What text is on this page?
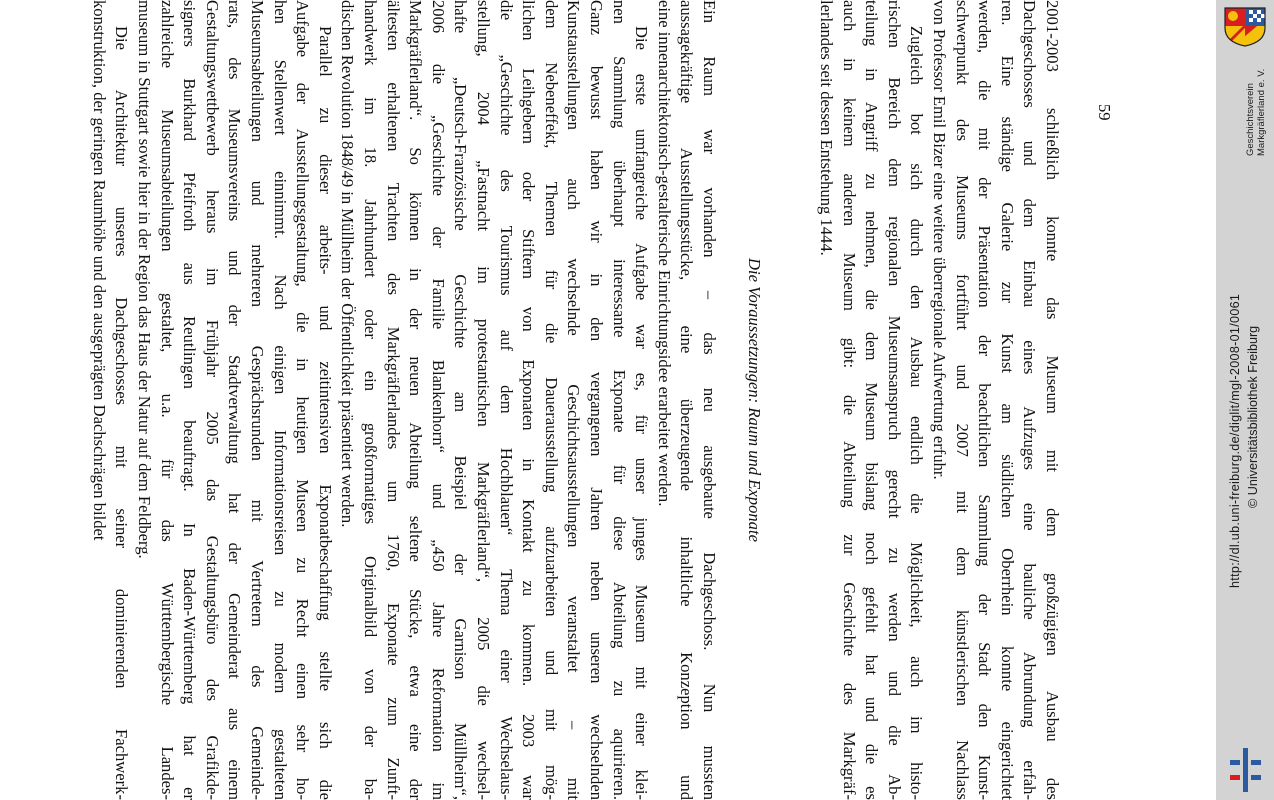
2001-2003 schließlich konnte das Museum mit dem großzügigen Ausbau des
Dachgeschosses und dem Einbau eines Aufzuges eine bauliche Abrundung erfah-
ren. Eine ständige Galerie zur Kunst am südlichen Oberrhein konnte eingerichtet
werden, die mit der Präsentation der beachtlichen Sammlung der Stadt den Kunst-
schwerpunkt des Museums fortführt und 2007 mit dem künstlerischen Nachlass
von Professor Emil Bizer eine weitere überregionale Aufwertung erfuhr.
Zugleich bot sich durch den Ausbau endlich die Möglichkeit, auch im histo-
rischen Bereich dem regionalen Museumsanspruch gerecht zu werden und die Ab-
teilung in Angriff zu nehmen, die dem Museum bislang noch gefehlt hat und die es
auch in keinem anderen Museum gibt: die Abteilung zur Geschichte des Markgräf-
lerlandes seit dessen Entstehung 1444.
Die Voraussetzungen: Raum und Exponate
Ein Raum war vorhanden – das neu ausgebaute Dachgeschoss. Nun mussten
aussagekräftige Ausstellungsstücke, eine überzeugende inhaltliche Konzeption und
eine innenarchitektonisch-gestalterische Einrichtungsidee erarbeitet werden.
Die erste umfangreiche Aufgabe war es, für unser junges Museum mit einer klei-
nen Sammlung überhaupt interessante Exponate für diese Abteilung zu aquirieren.
Ganz bewusst haben wir in den vergangenen Jahren neben unseren wechselnden
Kunstausstellungen auch wechselnde Geschichtsausstellungen veranstaltet – mit
dem Nebeneffekt, Themen für die Dauerausstellung aufzuarbeiten und mit mög-
lichen Leihgebern oder Stiftern von Exponaten in Kontakt zu kommen. 2003 war
die „Geschichte des Tourismus auf dem Hochblauen“ Thema einer Wechselaus-
stellung, 2004 „Fastnacht im protestantischen Markgräflerland“, 2005 die wechsel-
hafte „Deutsch-Französische Geschichte am Beispiel der Garnison Müllheim“,
2006 die „Geschichte der Familie Blankenhorn“ und „450 Jahre Reformation im
Markgräflerland“. So können in der neuen Abteilung seltene Stücke, etwa eine der
ältesten erhaltenen Trachten des Markgräflerlandes um 1760, Exponate zum Zunft-
handwerk im 18. Jahrhundert oder ein großformatiges Originalbild von der ba-
dischen Revolution 1848/49 in Müllheim der Öffentlichkeit präsentiert werden.
Parallel zu dieser arbeits- und zeitintensiven Exponatbeschaffung stellte sich die
Aufgabe der Ausstellungsgestaltung, die in heutigen Museen zu Recht einen sehr ho-
hen Stellenwert einnimmt. Nach einigen Informationsreisen zu modern gestalteten
Museumsabteilungen und mehreren Gesprächsrunden mit Vertretern des Gemeinde-
rats, des Museumsvereins und der Stadtverwaltung hat der Gemeinderat aus einem
Gestaltungswettbewerb heraus im Frühjahr 2005 das Gestaltungsbüro des Grafikde-
signers Burkhard Pfeifroth aus Reutlingen beauftragt. In Baden-Württemberg hat er
zahlreiche Museumsabteilungen gestaltet, u.a. für das Württembergische Landes-
museum in Stuttgart sowie hier in der Region das Haus der Natur auf dem Feldberg.
Die Architektur unseres Dachgeschosses mit seiner dominierenden Fachwerk-
konstruktion, der geringen Raumhöhe und den ausgeprägten Dachschrägen bildet	59	Geschichtsverein Markgräflerland e. V.
http://dl.ub.uni-freiburg.de/diglit/mgl-2008-01/0061 © Universitätsbibliothek Freiburg
